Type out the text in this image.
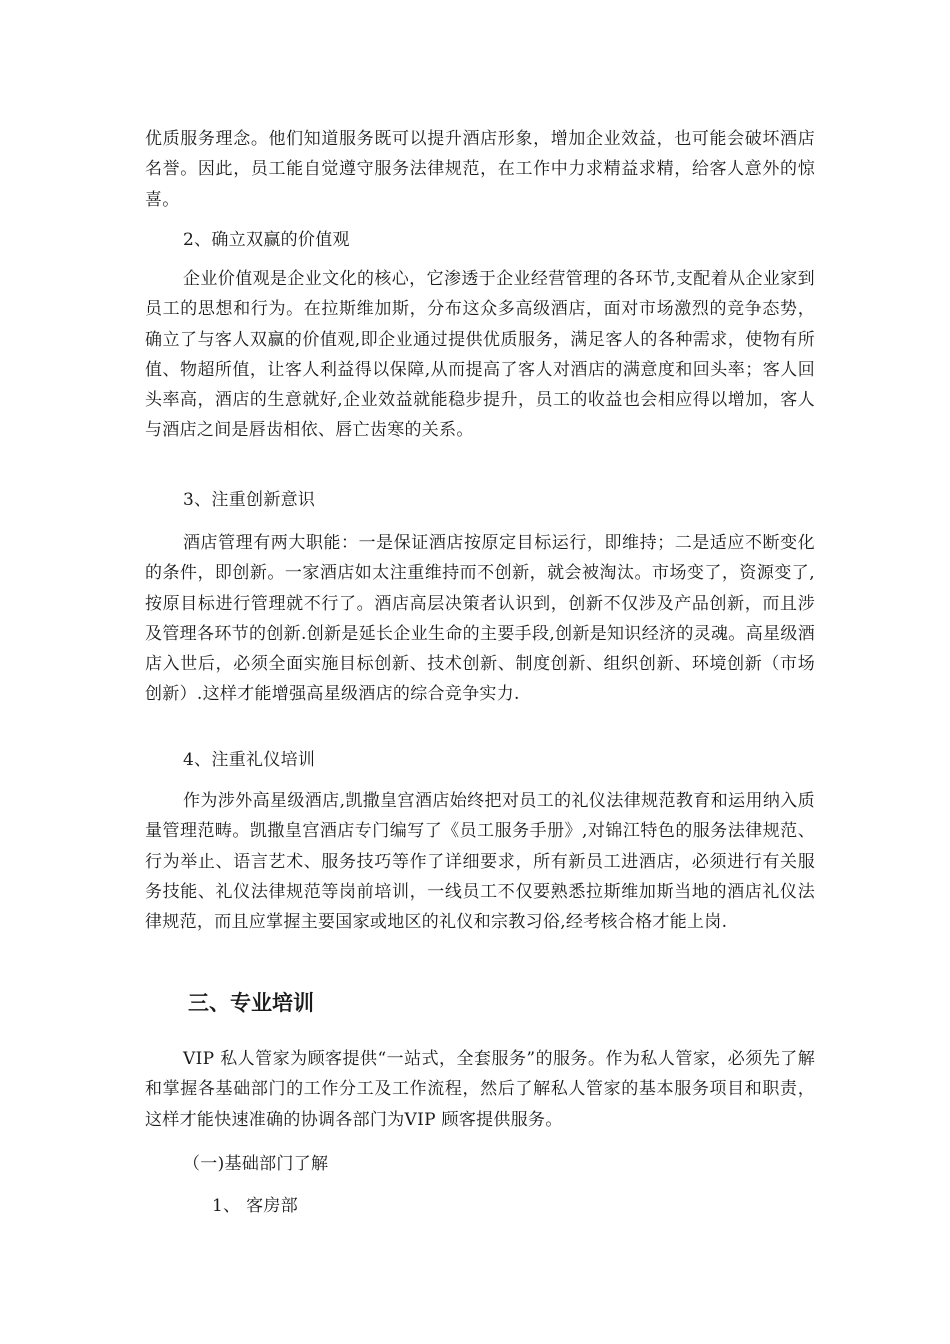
优质服务理念。他们知道服务既可以提升酒店形象，增加企业效益，也可能会破坏酒店名誉。因此，员工能自觉遵守服务法律规范，在工作中力求精益求精，给客人意外的惊喜。
2、确立双赢的价值观
企业价值观是企业文化的核心，它渗透于企业经营管理的各环节,支配着从企业家到员工的思想和行为。在拉斯维加斯，分布这众多高级酒店，面对市场激烈的竞争态势，确立了与客人双赢的价值观,即企业通过提供优质服务，满足客人的各种需求，使物有所值、物超所值，让客人利益得以保障,从而提高了客人对酒店的满意度和回头率；客人回头率高，酒店的生意就好,企业效益就能稳步提升，员工的收益也会相应得以增加，客人与酒店之间是唇齿相依、唇亡齿寒的关系。
3、注重创新意识
酒店管理有两大职能：一是保证酒店按原定目标运行，即维持；二是适应不断变化的条件，即创新。一家酒店如太注重维持而不创新，就会被淘汰。市场变了，资源变了,按原目标进行管理就不行了。酒店高层决策者认识到，创新不仅涉及产品创新，而且涉及管理各环节的创新.创新是延长企业生命的主要手段,创新是知识经济的灵魂。高星级酒店入世后，必须全面实施目标创新、技术创新、制度创新、组织创新、环境创新（市场创新）.这样才能增强高星级酒店的综合竞争实力.
4、注重礼仪培训
作为涉外高星级酒店,凯撒皇宫酒店始终把对员工的礼仪法律规范教育和运用纳入质量管理范畴。凯撒皇宫酒店专门编写了《员工服务手册》,对锦江特色的服务法律规范、行为举止、语言艺术、服务技巧等作了详细要求，所有新员工进酒店，必须进行有关服务技能、礼仪法律规范等岗前培训，一线员工不仅要熟悉拉斯维加斯当地的酒店礼仪法律规范，而且应掌握主要国家或地区的礼仪和宗教习俗,经考核合格才能上岗.
三、专业培训
VIP 私人管家为顾客提供“一站式，全套服务”的服务。作为私人管家，必须先了解和掌握各基础部门的工作分工及工作流程，然后了解私人管家的基本服务项目和职责，这样才能快速准确的协调各部门为VIP 顾客提供服务。
（一)基础部门了解
1、 客房部
